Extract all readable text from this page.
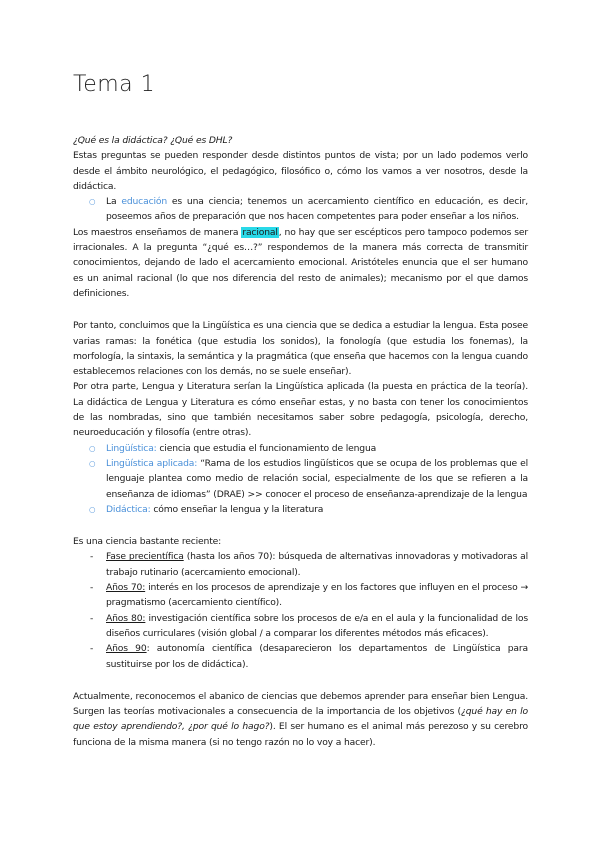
Tema 1

¿Qué es la didáctica? ¿Qué es DHL?

Estas preguntas se pueden responder desde distintos puntos de vista; por un lado podemos verlo desde el ámbito neurológico, el pedagógico, filosófico o, cómo los vamos a ver nosotros, desde la didáctica.

○ La educación es una ciencia; tenemos un acercamiento científico en educación, es decir, poseemos años de preparación que nos hacen competentes para poder enseñar a los niños.

Los maestros enseñamos de manera racional, no hay que ser escépticos pero tampoco podemos ser irracionales. A la pregunta “¿qué es…?” respondemos de la manera más correcta de transmitir conocimientos, dejando de lado el acercamiento emocional. Aristóteles enuncia que el ser humano es un animal racional (lo que nos diferencia del resto de animales); mecanismo por el que damos definiciones.

Por tanto, concluimos que la Lingüística es una ciencia que se dedica a estudiar la lengua. Esta posee varias ramas: la fonética (que estudia los sonidos), la fonología (que estudia los fonemas), la morfología, la sintaxis, la semántica y la pragmática (que enseña que hacemos con la lengua cuando establecemos relaciones con los demás, no se suele enseñar).

Por otra parte, Lengua y Literatura serían la Lingüística aplicada (la puesta en práctica de la teoría). La didáctica de Lengua y Literatura es cómo enseñar estas, y no basta con tener los conocimientos de las nombradas, sino que también necesitamos saber sobre pedagogía, psicología, derecho, neuroeducación y filosofía (entre otras).

○ Lingüística: ciencia que estudia el funcionamiento de lengua
○ Lingüística aplicada: “Rama de los estudios lingüísticos que se ocupa de los problemas que el lenguaje plantea como medio de relación social, especialmente de los que se refieren a la enseñanza de idiomas” (DRAE) >> conocer el proceso de enseñanza-aprendizaje de la lengua
○ Didáctica: cómo enseñar la lengua y la literatura

Es una ciencia bastante reciente:

- Fase precientífica (hasta los años 70): búsqueda de alternativas innovadoras y motivadoras al trabajo rutinario (acercamiento emocional).
- Años 70: interés en los procesos de aprendizaje y en los factores que influyen en el proceso → pragmatismo (acercamiento científico).
- Años 80: investigación científica sobre los procesos de e/a en el aula y la funcionalidad de los diseños curriculares (visión global / a comparar los diferentes métodos más eficaces).
- Años 90: autonomía científica (desaparecieron los departamentos de Lingüística para sustituirse por los de didáctica).

Actualmente, reconocemos el abanico de ciencias que debemos aprender para enseñar bien Lengua. Surgen las teorías motivacionales a consecuencia de la importancia de los objetivos (¿qué hay en lo que estoy aprendiendo?, ¿por qué lo hago?). El ser humano es el animal más perezoso y su cerebro funciona de la misma manera (si no tengo razón no lo voy a hacer).
